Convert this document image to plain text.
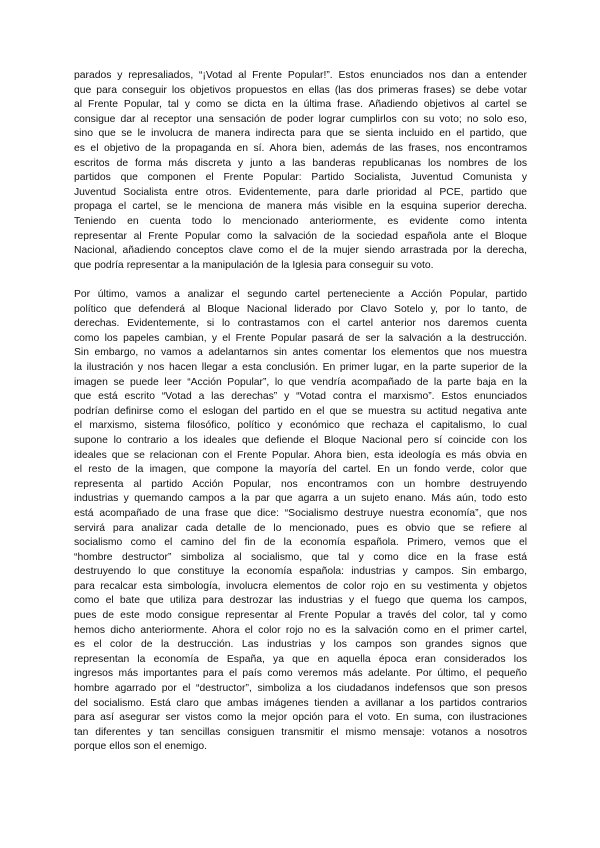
parados y represaliados, “¡Votad al Frente Popular!”. Estos enunciados nos dan a entender
que para conseguir los objetivos propuestos en ellas (las dos primeras frases) se debe votar
al Frente Popular, tal y como se dicta en la última frase. Añadiendo objetivos al cartel se
consigue dar al receptor una sensación de poder lograr cumplirlos con su voto; no solo eso,
sino que se le involucra de manera indirecta para que se sienta incluido en el partido, que
es el objetivo de la propaganda en sí. Ahora bien, además de las frases, nos encontramos
escritos de forma más discreta y junto a las banderas republicanas los nombres de los
partidos que componen el Frente Popular: Partido Socialista, Juventud Comunista y
Juventud Socialista entre otros. Evidentemente, para darle prioridad al PCE, partido que
propaga el cartel, se le menciona de manera más visible en la esquina superior derecha.
Teniendo en cuenta todo lo mencionado anteriormente, es evidente como intenta
representar al Frente Popular como la salvación de la sociedad española ante el Bloque
Nacional, añadiendo conceptos clave como el de la mujer siendo arrastrada por la derecha,
que podría representar a la manipulación de la Iglesia para conseguir su voto.
Por último, vamos a analizar el segundo cartel perteneciente a Acción Popular, partido
político que defenderá al Bloque Nacional liderado por Clavo Sotelo y, por lo tanto, de
derechas. Evidentemente, si lo contrastamos con el cartel anterior nos daremos cuenta
como los papeles cambian, y el Frente Popular pasará de ser la salvación a la destrucción.
Sin embargo, no vamos a adelantarnos sin antes comentar los elementos que nos muestra
la ilustración y nos hacen llegar a esta conclusión. En primer lugar, en la parte superior de la
imagen se puede leer “Acción Popular”, lo que vendría acompañado de la parte baja en la
que está escrito “Votad a las derechas” y “Votad contra el marxismo”. Estos enunciados
podrían definirse como el eslogan del partido en el que se muestra su actitud negativa ante
el marxismo, sistema filosófico, político y económico que rechaza el capitalismo, lo cual
supone lo contrario a los ideales que defiende el Bloque Nacional pero sí coincide con los
ideales que se relacionan con el Frente Popular. Ahora bien, esta ideología es más obvia en
el resto de la imagen, que compone la mayoría del cartel. En un fondo verde, color que
representa al partido Acción Popular, nos encontramos con un hombre destruyendo
industrias y quemando campos a la par que agarra a un sujeto enano. Más aún, todo esto
está acompañado de una frase que dice: “Socialismo destruye nuestra economía”, que nos
servirá para analizar cada detalle de lo mencionado, pues es obvio que se refiere al
socialismo como el camino del fin de la economía española. Primero, vemos que el
“hombre destructor” simboliza al socialismo, que tal y como dice en la frase está
destruyendo lo que constituye la economía española: industrias y campos. Sin embargo,
para recalcar esta simbología, involucra elementos de color rojo en su vestimenta y objetos
como el bate que utiliza para destrozar las industrias y el fuego que quema los campos,
pues de este modo consigue representar al Frente Popular a través del color, tal y como
hemos dicho anteriormente. Ahora el color rojo no es la salvación como en el primer cartel,
es el color de la destrucción. Las industrias y los campos son grandes signos que
representan la economía de España, ya que en aquella época eran considerados los
ingresos más importantes para el país como veremos más adelante. Por último, el pequeño
hombre agarrado por el “destructor”, simboliza a los ciudadanos indefensos que son presos
del socialismo. Está claro que ambas imágenes tienden a avillanar a los partidos contrarios
para así asegurar ser vistos como la mejor opción para el voto. En suma, con ilustraciones
tan diferentes y tan sencillas consiguen transmitir el mismo mensaje: votanos a nosotros
porque ellos son el enemigo.
